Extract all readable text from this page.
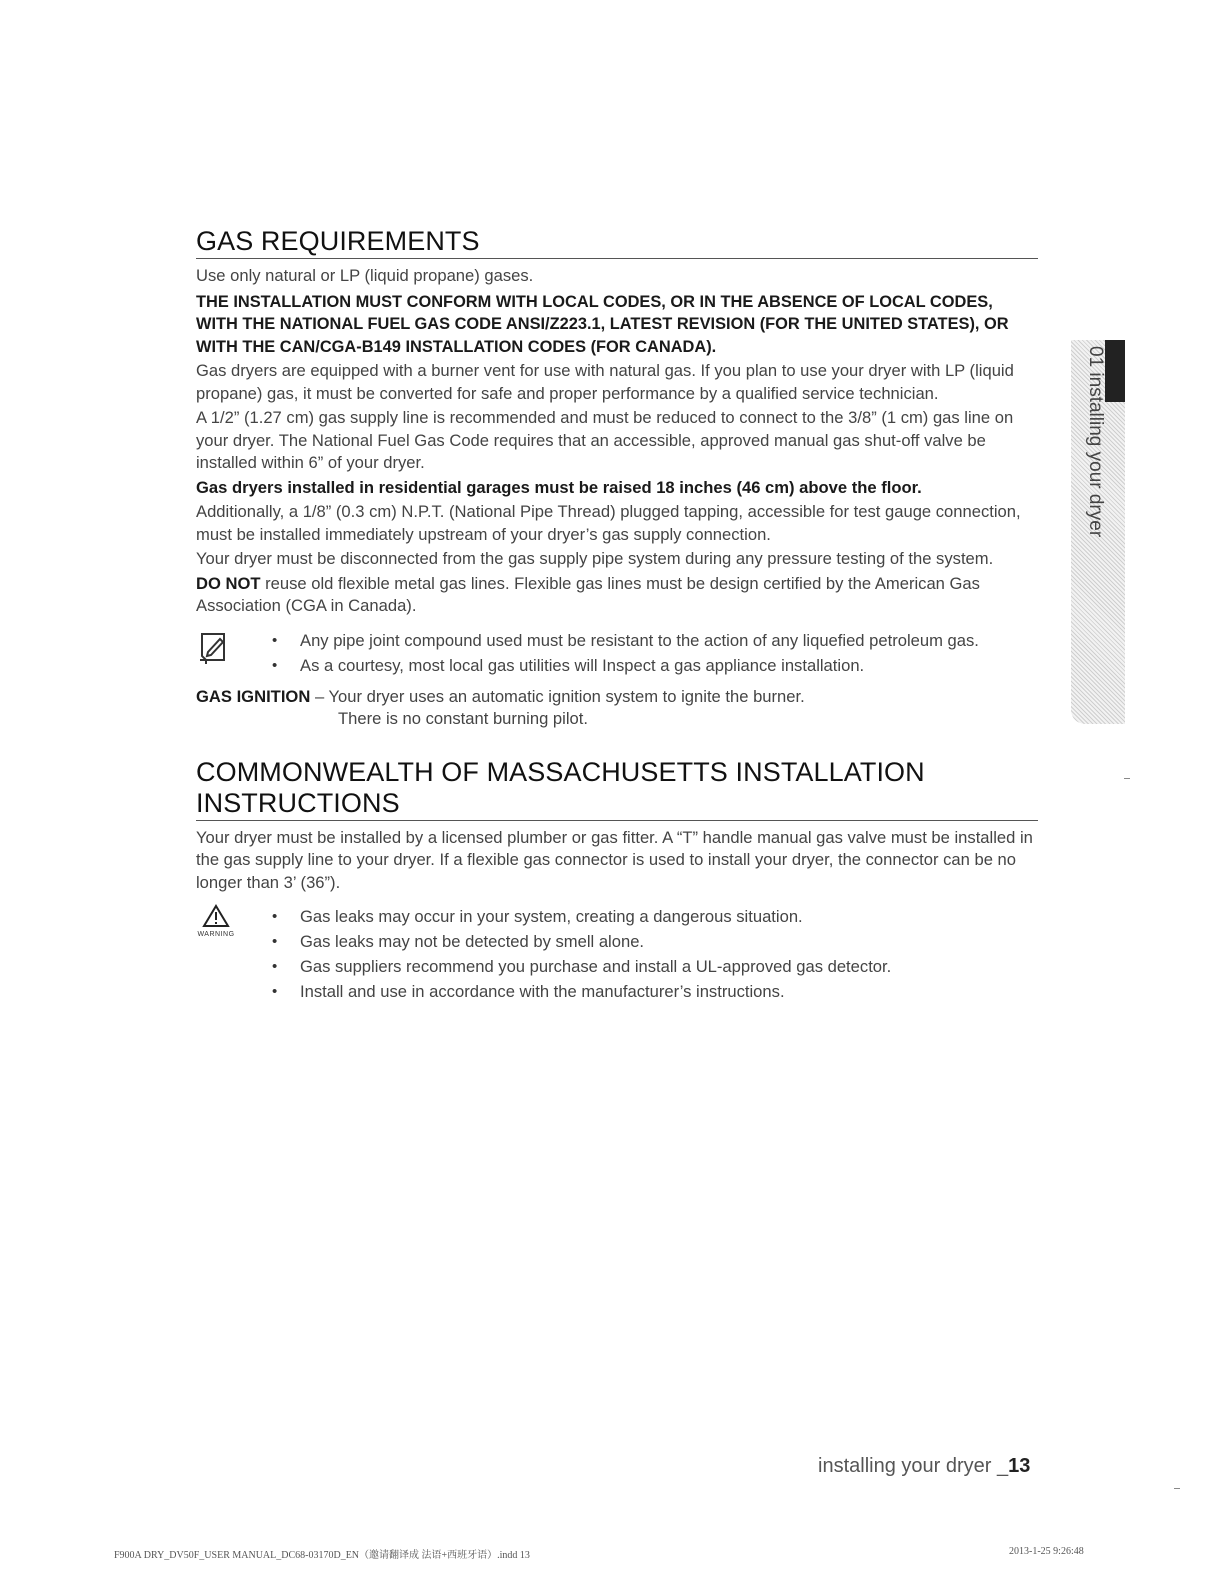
01 installing your dryer
GAS REQUIREMENTS

Use only natural or LP (liquid propane) gases.

THE INSTALLATION MUST CONFORM WITH LOCAL CODES, OR IN THE ABSENCE OF LOCAL CODES, WITH THE NATIONAL FUEL GAS CODE ANSI/Z223.1, LATEST REVISION (FOR THE UNITED STATES), OR WITH THE CAN/CGA-B149 INSTALLATION CODES (FOR CANADA).

Gas dryers are equipped with a burner vent for use with natural gas. If you plan to use your dryer with LP (liquid propane) gas, it must be converted for safe and proper performance by a qualified service technician.

A 1/2” (1.27 cm) gas supply line is recommended and must be reduced to connect to the 3/8” (1 cm) gas line on your dryer. The National Fuel Gas Code requires that an accessible, approved manual gas shut-off valve be installed within 6” of your dryer.

Gas dryers installed in residential garages must be raised 18 inches (46 cm) above the floor.

Additionally, a 1/8” (0.3 cm) N.P.T. (National Pipe Thread) plugged tapping, accessible for test gauge connection, must be installed immediately upstream of your dryer’s gas supply connection.

Your dryer must be disconnected from the gas supply pipe system during any pressure testing of the system.

DO NOT reuse old flexible metal gas lines. Flexible gas lines must be design certified by the American Gas Association (CGA in Canada).

• Any pipe joint compound used must be resistant to the action of any liquefied petroleum gas.
• As a courtesy, most local gas utilities will Inspect a gas appliance installation.

GAS IGNITION – Your dryer uses an automatic ignition system to ignite the burner.

There is no constant burning pilot.

COMMONWEALTH OF MASSACHUSETTS INSTALLATION
INSTRUCTIONS

Your dryer must be installed by a licensed plumber or gas fitter. A “T” handle manual gas valve must be installed in the gas supply line to your dryer. If a flexible gas connector is used to install your dryer, the connector can be no longer than 3’ (36”).

WARNING
• Gas leaks may occur in your system, creating a dangerous situation.
• Gas leaks may not be detected by smell alone.
• Gas suppliers recommend you purchase and install a UL-approved gas detector.
• Install and use in accordance with the manufacturer’s instructions.
installing your dryer _13
F900A DRY_DV50F_USER MANUAL_DC68-03170D_EN（邀请翻译成 法语+西班牙语）.indd 13	2013-1-25 9:26:48
